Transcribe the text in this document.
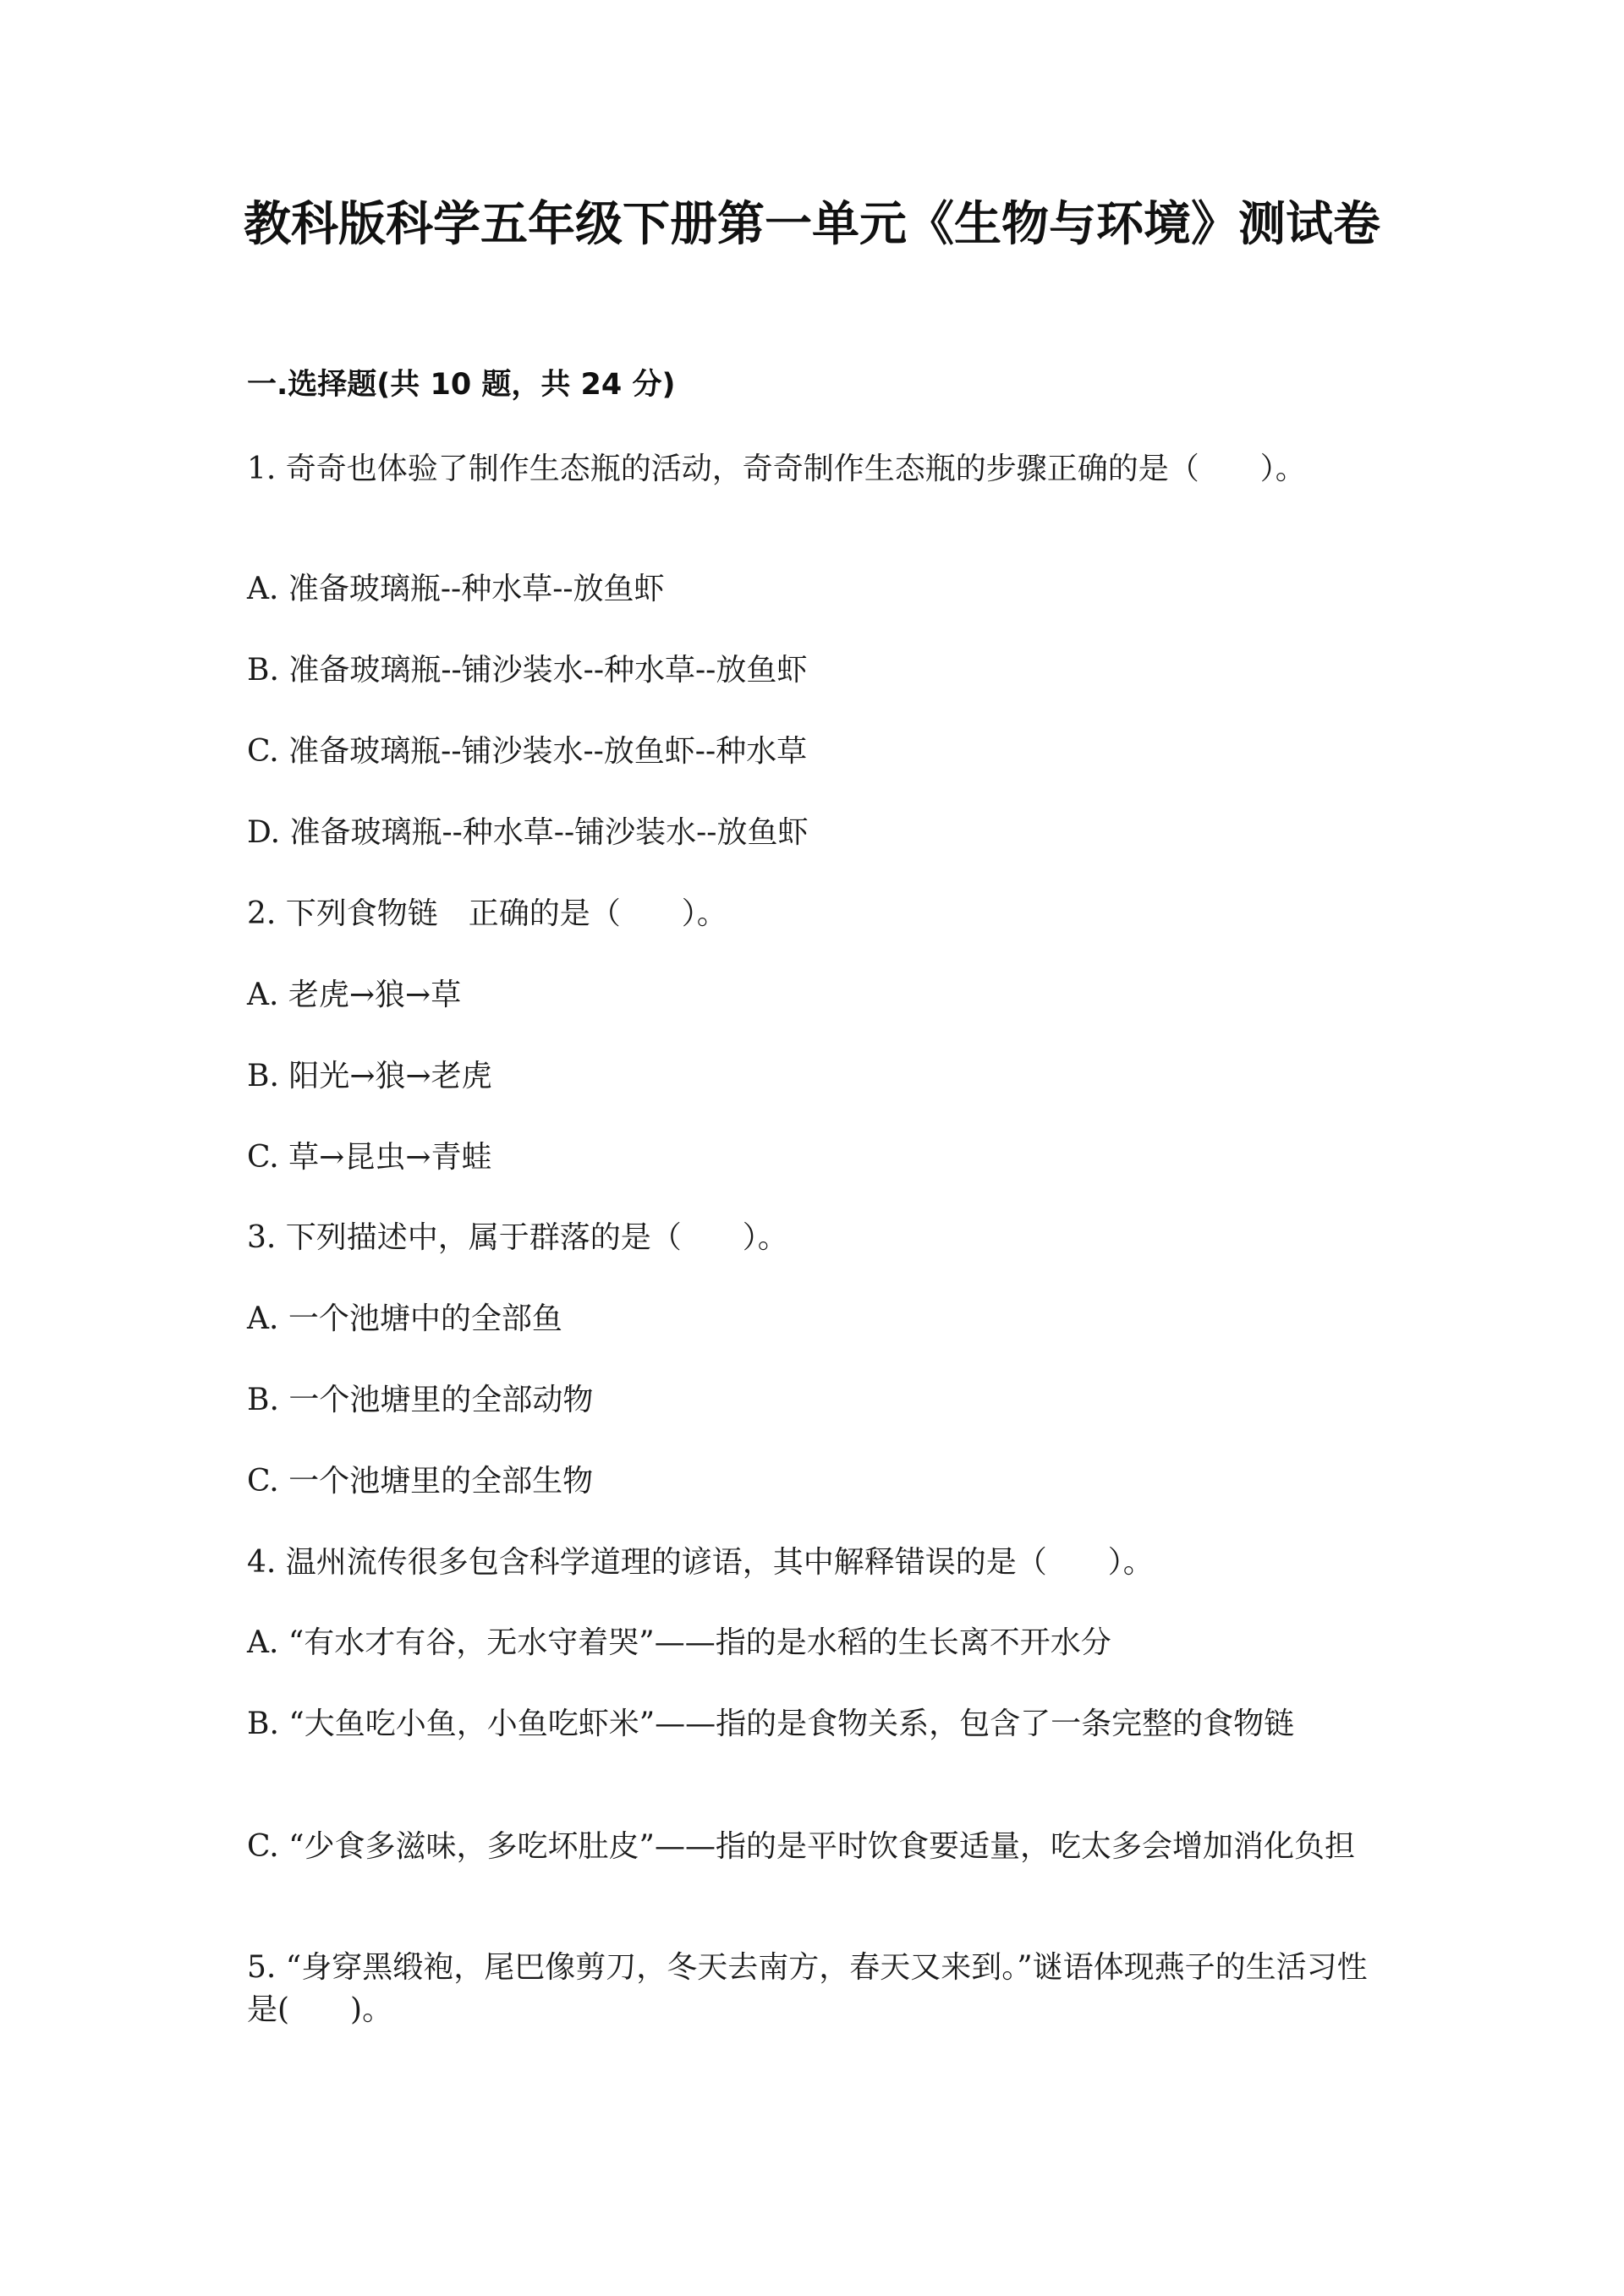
教科版科学五年级下册第一单元《生物与环境》测试卷
一.选择题(共 10 题，共 24 分)

1. 奇奇也体验了制作生态瓶的活动，奇奇制作生态瓶的步骤正确的是（　　）。

A. 准备玻璃瓶--种水草--放鱼虾

B. 准备玻璃瓶--铺沙装水--种水草--放鱼虾

C. 准备玻璃瓶--铺沙装水--放鱼虾--种水草

D. 准备玻璃瓶--种水草--铺沙装水--放鱼虾

2. 下列食物链　正确的是（　　）。

A. 老虎→狼→草

B. 阳光→狼→老虎

C. 草→昆虫→青蛙

3. 下列描述中，属于群落的是（　　）。

A. 一个池塘中的全部鱼

B. 一个池塘里的全部动物

C. 一个池塘里的全部生物

4. 温州流传很多包含科学道理的谚语，其中解释错误的是（　　）。

A. “有水才有谷，无水守着哭”——指的是水稻的生长离不开水分

B. “大鱼吃小鱼，小鱼吃虾米”——指的是食物关系，包含了一条完整的食物链

C. “少食多滋味，多吃坏肚皮”——指的是平时饮食要适量，吃太多会增加消化负担

5. “身穿黑缎袍，尾巴像剪刀，冬天去南方，春天又来到。”谜语体现燕子的生活习性是(　　)。
